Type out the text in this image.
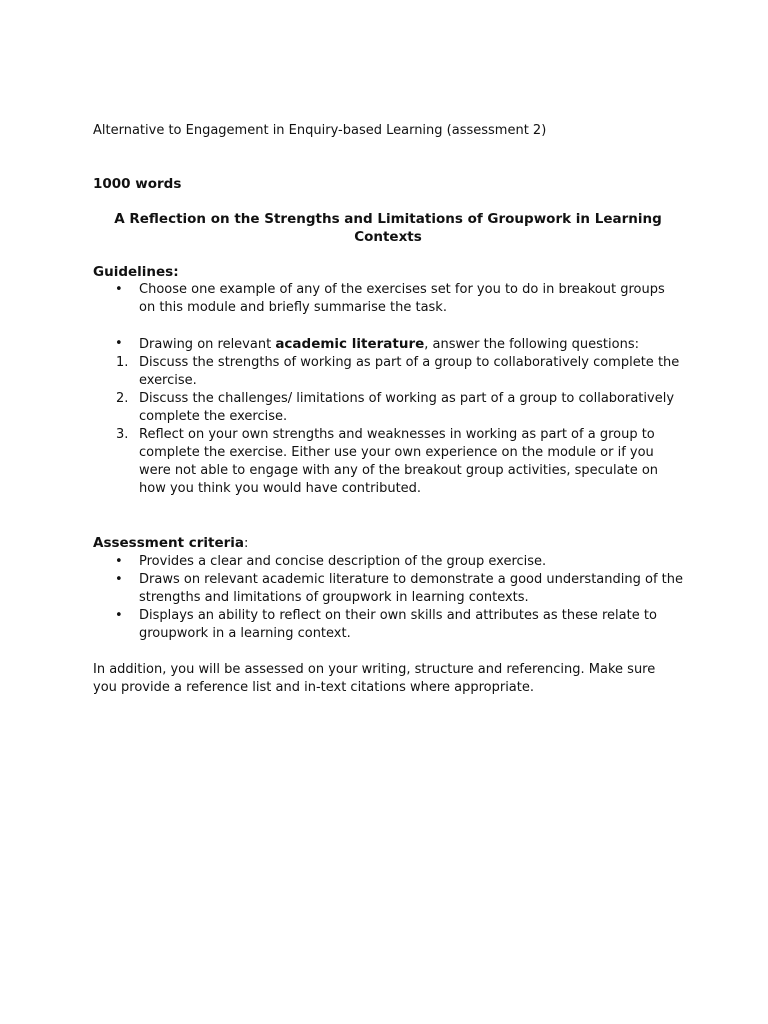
Alternative to Engagement in Enquiry-based Learning (assessment 2)

1000 words

A Reflection on the Strengths and Limitations of Groupwork in Learning Contexts

Guidelines:

• Choose one example of any of the exercises set for you to do in breakout groups on this module and briefly summarise the task.
• Drawing on relevant academic literature, answer the following questions:
1. Discuss the strengths of working as part of a group to collaboratively complete the exercise.
2. Discuss the challenges/ limitations of working as part of a group to collaboratively complete the exercise.
3. Reflect on your own strengths and weaknesses in working as part of a group to complete the exercise. Either use your own experience on the module or if you were not able to engage with any of the breakout group activities, speculate on how you think you would have contributed.

Assessment criteria:

• Provides a clear and concise description of the group exercise.
• Draws on relevant academic literature to demonstrate a good understanding of the strengths and limitations of groupwork in learning contexts.
• Displays an ability to reflect on their own skills and attributes as these relate to groupwork in a learning context.

In addition, you will be assessed on your writing, structure and referencing. Make sure you provide a reference list and in-text citations where appropriate.
